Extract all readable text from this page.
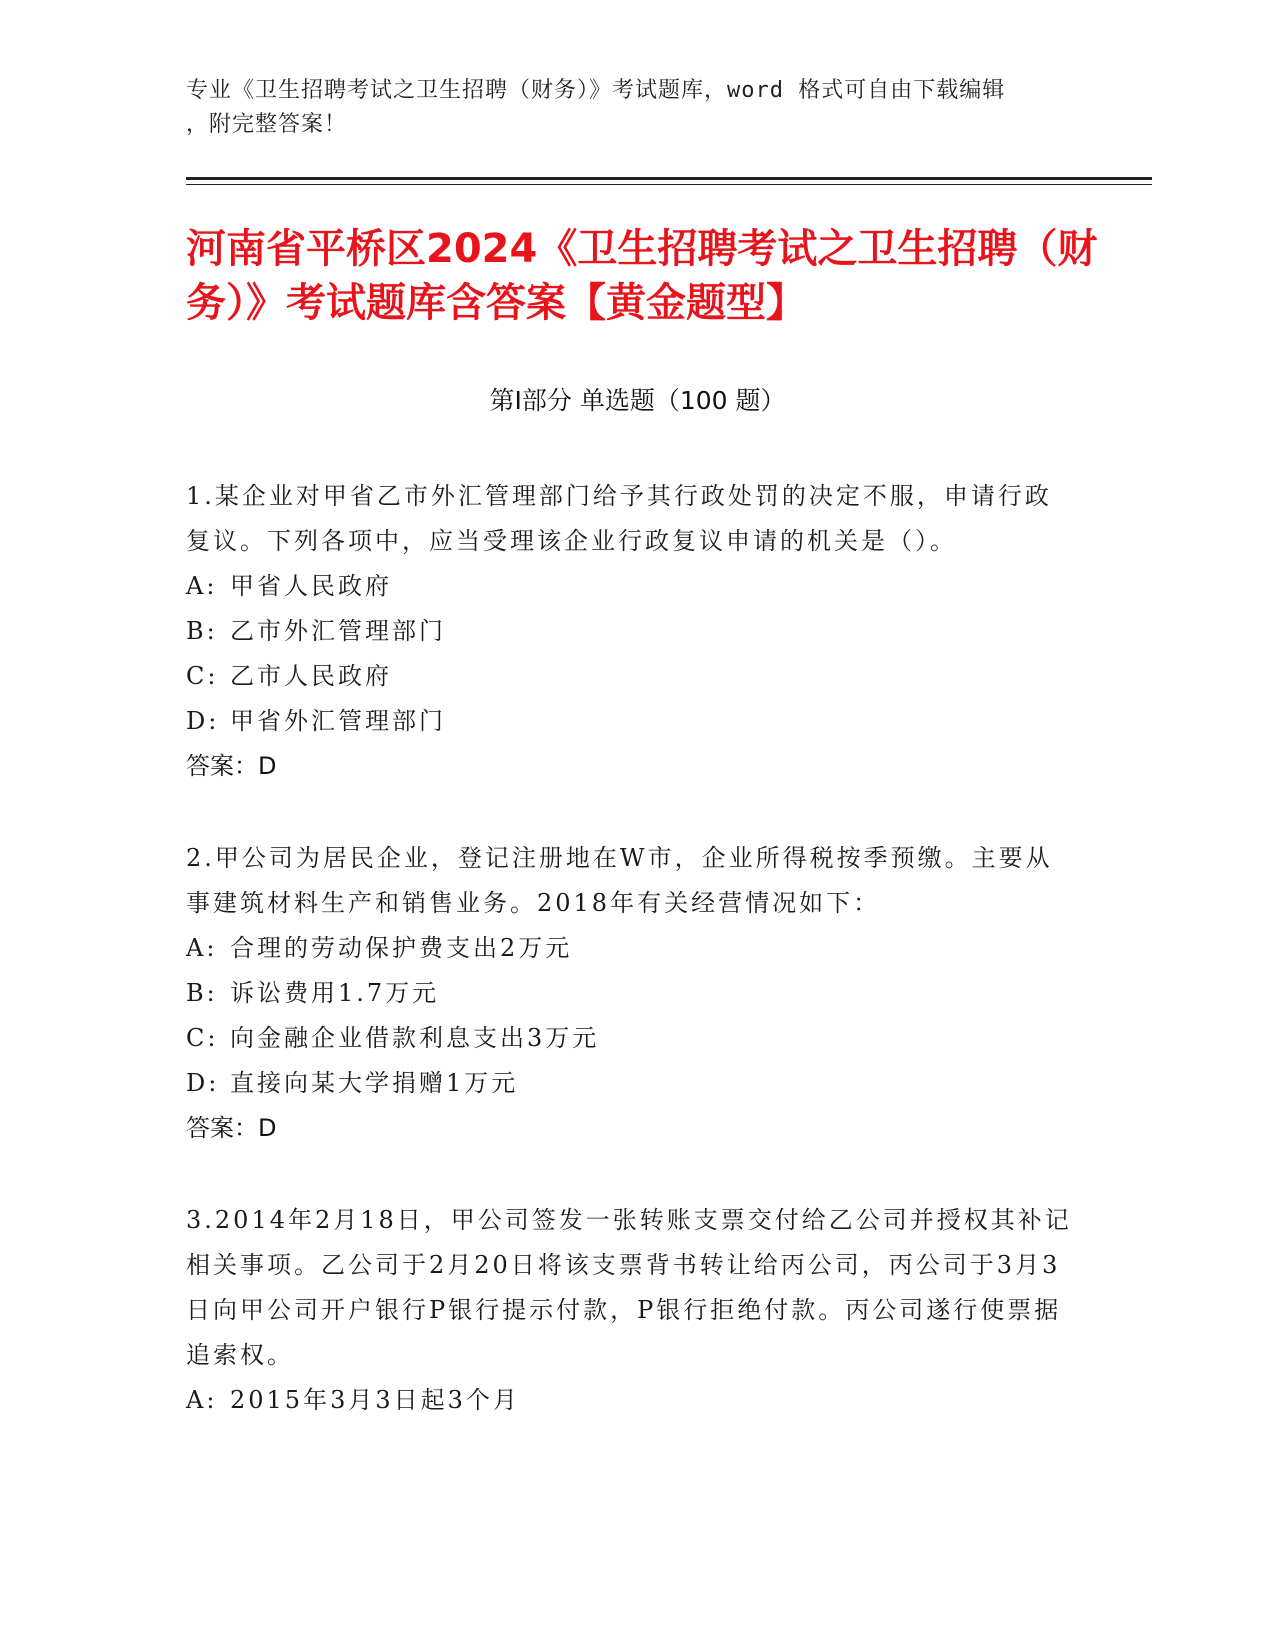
专业《卫生招聘考试之卫生招聘（财务）》考试题库，word 格式可自由下载编辑
，附完整答案！
河南省平桥区2024《卫生招聘考试之卫生招聘（财务）》考试题库含答案【黄金题型】
第Ⅰ部分 单选题（100 题）
1.某企业对甲省乙市外汇管理部门给予其行政处罚的决定不服，申请行政复议。下列各项中，应当受理该企业行政复议申请的机关是（）。
A: 甲省人民政府
B: 乙市外汇管理部门
C: 乙市人民政府
D: 甲省外汇管理部门
答案：D
2.甲公司为居民企业，登记注册地在W市，企业所得税按季预缴。主要从事建筑材料生产和销售业务。2018年有关经营情况如下：
A: 合理的劳动保护费支出2万元
B: 诉讼费用1.7万元
C: 向金融企业借款利息支出3万元
D: 直接向某大学捐赠1万元
答案：D
3.2014年2月18日，甲公司签发一张转账支票交付给乙公司并授权其补记相关事项。乙公司于2月20日将该支票背书转让给丙公司，丙公司于3月3日向甲公司开户银行P银行提示付款，P银行拒绝付款。丙公司遂行使票据追索权。
A: 2015年3月3日起3个月
